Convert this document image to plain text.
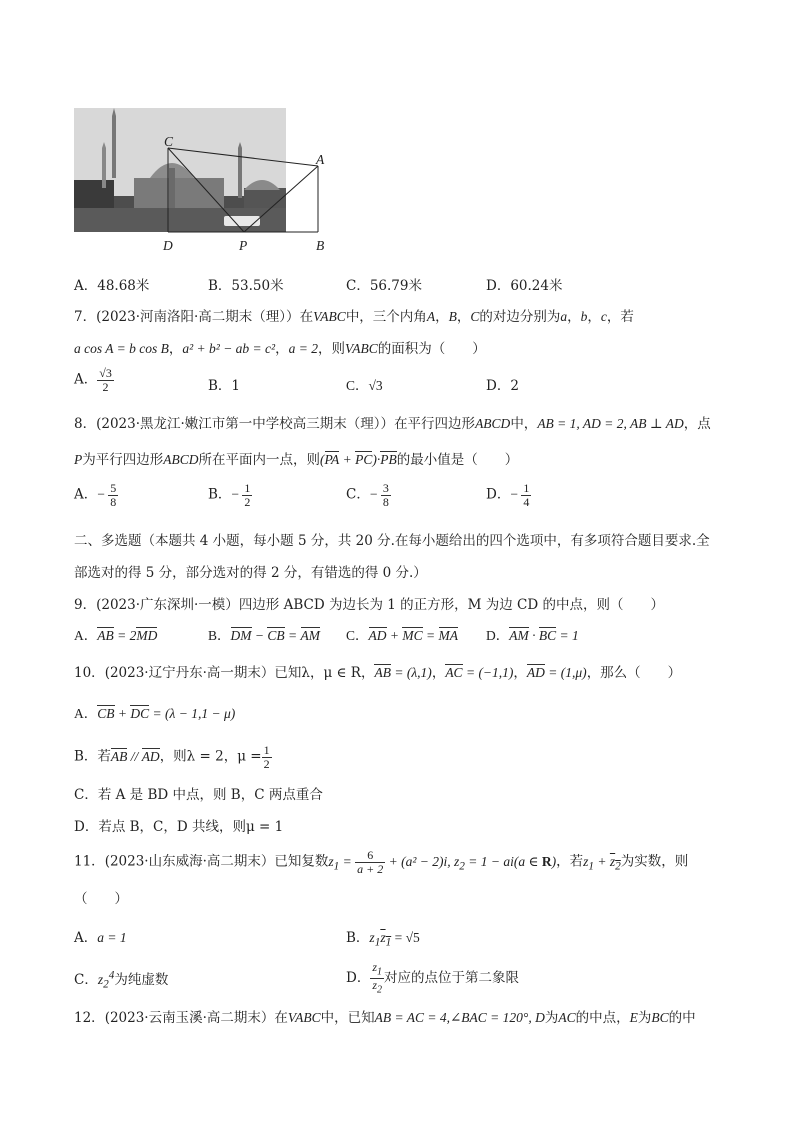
C
A
D	P	B
A．48.68米	B．53.50米	C．56.79米	D．60.24米
7．(2023·河南洛阳·高二期末（理））在VABC中，三个内角A，B，C的对边分别为a，b，c，若
a cos A = b cos B，a² + b² − ab = c²，a = 2，则VABC的面积为（　　）
A． $\frac{√3}{2}$	B．1	C．√3	D．2
8．(2023·黑龙江·嫩江市第一中学校高三期末（理））在平行四边形ABCD中，AB = 1, AD = 2, AB ⊥ AD，点
P为平行四边形ABCD所在平面内一点，则(PA + PC)·PB的最小值是（　　）
A．− $\frac{5}{8}$	B．− $\frac{1}{2}$	C．− $\frac{3}{8}$	D．− $\frac{1}{4}$
二、多选题（本题共 4 小题，每小题 5 分，共 20 分.在每小题给出的四个选项中，有多项符合题目要求.全
部选对的得 5 分，部分选对的得 2 分，有错选的得 0 分.）
9．(2023·广东深圳·一模）四边形 ABCD 为边长为 1 的正方形，M 为边 CD 的中点，则（　　）
A．AB = 2MD	B．DM − CB = AM C．AD + MC = MA D．AM · BC = 1
10．(2023·辽宁丹东·高一期末）已知λ，μ ∈ R，AB = (λ,1)，AC = (−1,1)，AD = (1,μ)，那么（　　）
A．CB + DC = (λ − 1,1 − μ)
B．若AB // AD，则λ = 2，$\mu = \frac{1}{2}$
C．若 A 是 BD 中点，则 B，C 两点重合
D．若点 B，C，D 共线，则μ = 1
11．(2023·山东威海·高二期末）已知复数$z_1 = \frac{6}{a + 2} + (a^2 - 2)i$, $z_2 = 1 - ai(a$ ∈ R)，若$z_1 + z_2$为实数，则
（　　）
A．a = 1	B．$z_1z_1 = √5$
C．$z_2^4$为纯虚数	D． $\frac{z_1}{z_2}$ 对应的点位于第二象限
12．(2023·云南玉溪·高二期末）在VABC中，已知AB = AC = 4,∠BAC = 120°, D为AC的中点，E为BC的中
